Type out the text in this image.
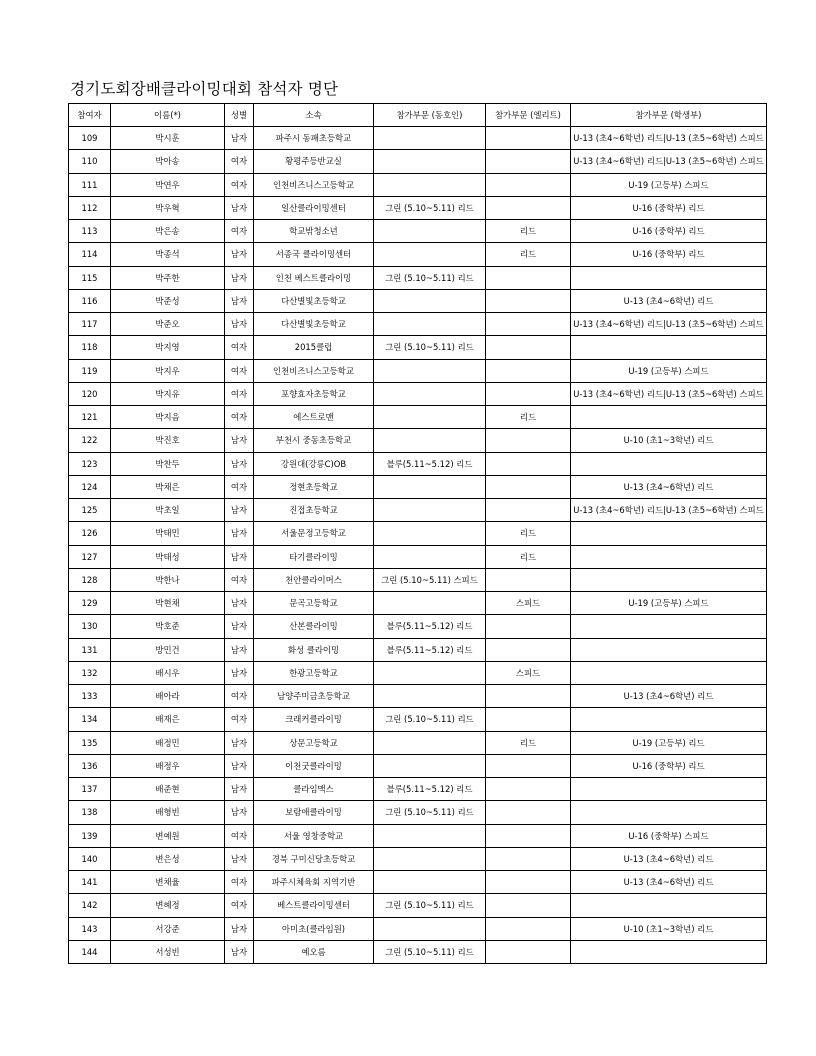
경기도회장배클라이밍대회 참석자 명단
참여자	이름(*)	성별	소속	참가부문 (동호인)	참가부문 (엘리트)	참가부문 (학생부)
109	박시훈	남자	파주시 동패초등학교			U-13 (초4~6학년) 리드|U-13 (초5~6학년) 스피드
110	박아송	여자	황평주등반교실			U-13 (초4~6학년) 리드|U-13 (초5~6학년) 스피드
111	박연우	여자	인천비즈니스고등학교			U-19 (고등부) 스피드
112	박우혁	남자	일산클라이밍센터	그린 (5.10~5.11) 리드		U-16 (중학부) 리드
113	박은송	여자	학교밖청소년		리드	U-16 (중학부) 리드
114	박종석	남자	서종국 클라이밍센터		리드	U-16 (중학부) 리드
115	박주한	남자	인천 베스트클라이밍	그린 (5.10~5.11) 리드		
116	박준성	남자	다산별빛초등학교			U-13 (초4~6학년) 리드
117	박준오	남자	다산별빛초등학교			U-13 (초4~6학년) 리드|U-13 (초5~6학년) 스피드
118	박지영	여자	2015클럽	그린 (5.10~5.11) 리드		
119	박지우	여자	인천비즈니스고등학교			U-19 (고등부) 스피드
120	박지유	여자	포향효자초등학교			U-13 (초4~6학년) 리드|U-13 (초5~6학년) 스피드
121	박지음	여자	에스트로맨		리드	
122	박진호	남자	부천시 중동초등학교			U-10 (초1~3학년) 리드
123	박찬두	남자	강원대(강릉C)OB	블루(5.11~5.12) 리드		
124	박채은	여자	정현초등학교			U-13 (초4~6학년) 리드
125	박초일	남자	진접초등학교			U-13 (초4~6학년) 리드|U-13 (초5~6학년) 스피드
126	박태민	남자	서울문정고등학교		리드	
127	박태성	남자	타기클라이밍		리드	
128	박한나	여자	천안클라이머스	그린 (5.10~5.11) 스피드		
129	박현채	남자	문곡고등학교		스피드	U-19 (고등부) 스피드
130	박호준	남자	산본클라이밍	블루(5.11~5.12) 리드		
131	방민건	남자	화성 클라이밍	블루(5.11~5.12) 리드		
132	배시우	남자	한광고등학교		스피드	
133	배아라	여자	남양주미금초등학교			U-13 (초4~6학년) 리드
134	배재은	여자	크래커클라이밍	그린 (5.10~5.11) 리드		
135	배정민	남자	상문고등학교		리드	U-19 (고등부) 리드
136	배정우	남자	이천굿클라이밍			U-16 (중학부) 리드
137	배준현	남자	클라임맥스	블루(5.11~5.12) 리드		
138	배형빈	남자	보람애클라이밍	그린 (5.10~5.11) 리드		
139	변예원	여자	서울 영창중학교			U-16 (중학부) 스피드
140	변은성	남자	경북 구미신당초등학교			U-13 (초4~6학년) 리드
141	변채율	여자	파주시체육회 지역기반			U-13 (초4~6학년) 리드
142	변혜정	여자	베스트클라이밍센터	그린 (5.10~5.11) 리드		
143	서강준	남자	아미초(클라임원)			U-10 (초1~3학년) 리드
144	서성빈	남자	예오름	그린 (5.10~5.11) 리드		
